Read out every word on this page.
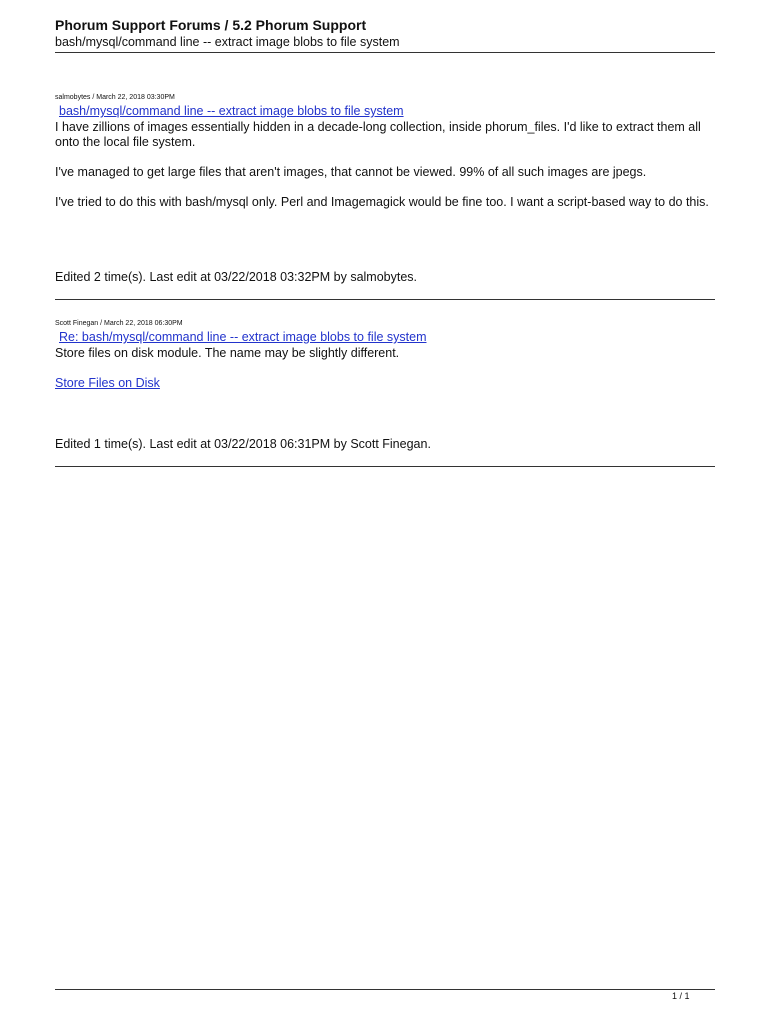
Phorum Support Forums / 5.2 Phorum Support

bash/mysql/command line -- extract image blobs to file system

salmobytes / March 22, 2018 03:30PM

bash/mysql/command line -- extract image blobs to file system

I have zillions of images essentially hidden in a decade-long collection, inside phorum_files. I'd like to extract them all onto the local file system.

I've managed to get large files that aren't images, that cannot be viewed. 99% of all such images are jpegs.

I've tried to do this with bash/mysql only. Perl and Imagemagick would be fine too. I want a script-based way to do this.

Edited 2 time(s). Last edit at 03/22/2018 03:32PM by salmobytes.

Scott Finegan / March 22, 2018 06:30PM

Re: bash/mysql/command line -- extract image blobs to file system

Store files on disk module. The name may be slightly different.

Store Files on Disk

Edited 1 time(s). Last edit at 03/22/2018 06:31PM by Scott Finegan.

1 / 1
